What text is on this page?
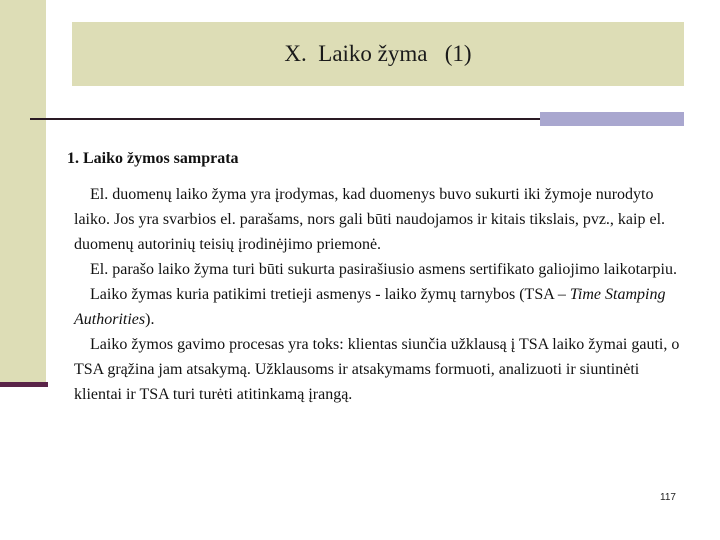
X.  Laiko žyma   (1)
1. Laiko žymos samprata

El. duomenų laiko žyma yra įrodymas, kad duomenys buvo sukurti iki žymoje nurodyto laiko. Jos yra svarbios el. parašams, nors gali būti naudojamos ir kitais tikslais, pvz., kaip el. duomenų autorinių teisių įrodinėjimo priemonė.

El. parašo laiko žyma turi būti sukurta pasirašiusio asmens sertifikato galiojimo laikotarpiu.

Laiko žymas kuria patikimi tretieji asmenys - laiko žymų tarnybos (TSA – Time Stamping Authorities).

Laiko žymos gavimo procesas yra toks: klientas siunčia užklausą į TSA laiko žymai gauti, o TSA grąžina jam atsakymą. Užklausoms ir atsakymams formuoti, analizuoti ir siuntinėti klientai ir TSA turi turėti atitinkamą įrangą.

117
